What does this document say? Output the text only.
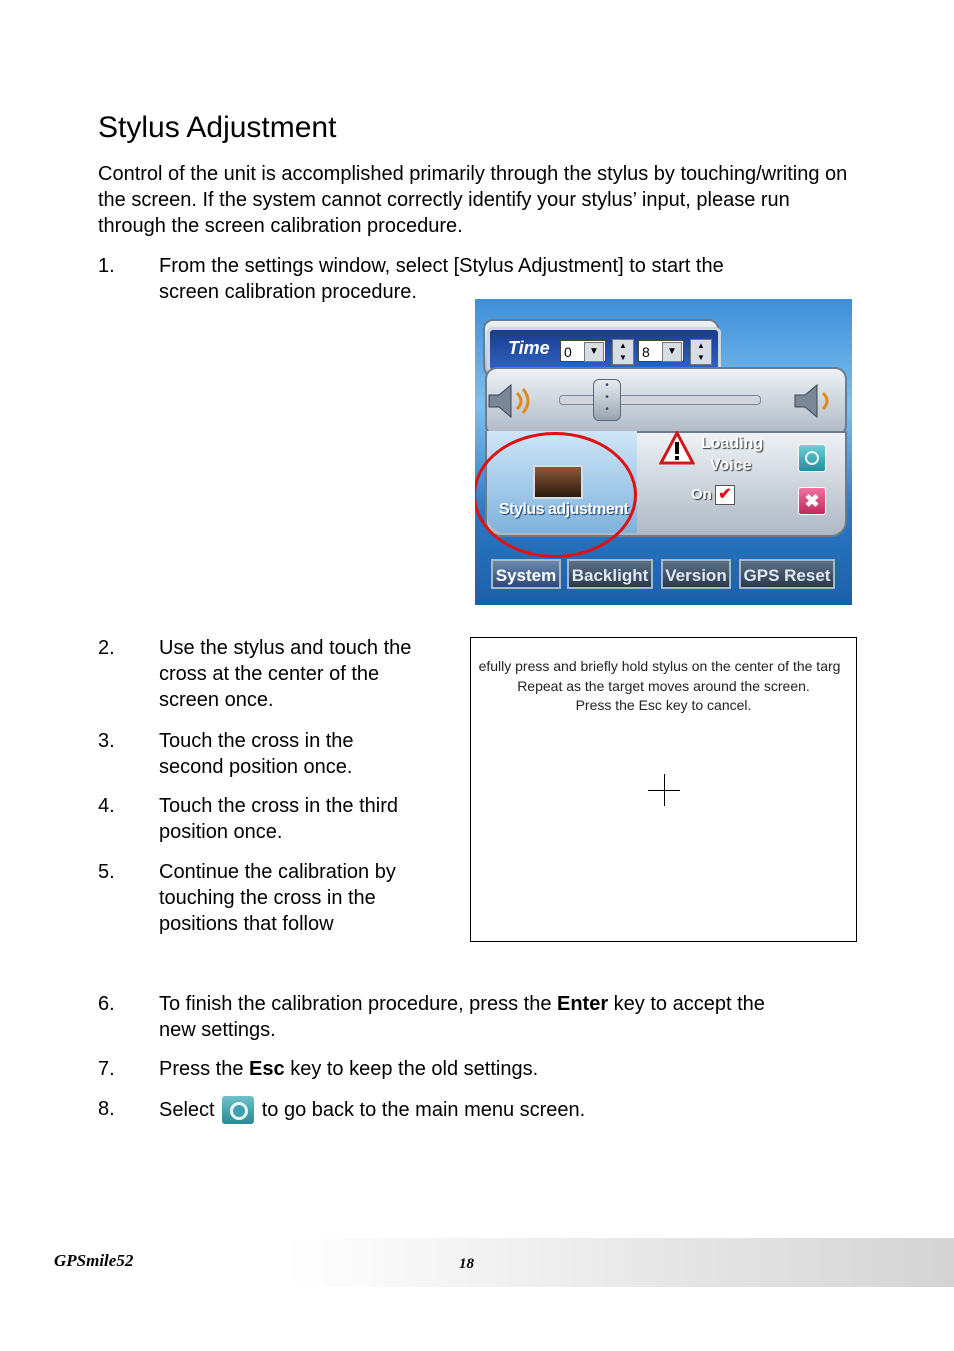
Stylus Adjustment

Control of the unit is accomplished primarily through the stylus by touching/writing on the screen. If the system cannot correctly identify your stylus’ input, please run through the screen calibration procedure.

1.	From the settings window, select [Stylus Adjustment] to start the
screen calibration procedure.
Time 0	▼
▲
▼	8	▼
▲
▼
•
•
•
Stylus adjustment
Loading
Voice
On ✔	✖
System Backlight Version GPS Reset
2.	Use the stylus and touch the
cross at the center of the
screen once.
3.	Touch the cross in the
second position once.
4.	Touch the cross in the third
position once.
5.	Continue the calibration by
touching the cross in the
positions that follow
efully press and briefly hold stylus on the center of the targ
Repeat as the target moves around the screen.
Press the Esc key to cancel.
6.	To finish the calibration procedure, press the Enter key to accept the
new settings.
7.	Press the Esc key to keep the old settings.
8.	Select to go back to the main menu screen.
GPSmile52	18
